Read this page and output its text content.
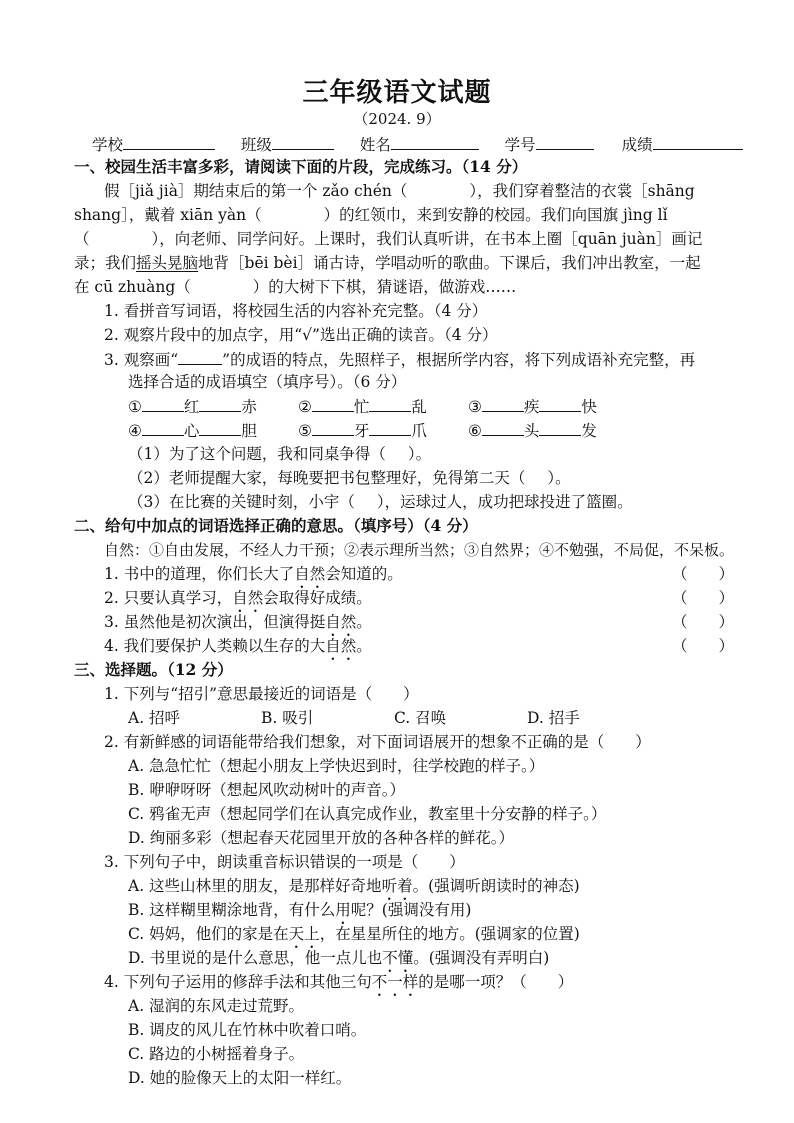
三年级语文试题
（2024. 9）
学校	班级	姓名	学号	成绩
一、校园生活丰富多彩，请阅读下面的片段，完成练习。（14 分）
假［jiǎ jià］期结束后的第一个 zǎo chén（	），我们穿着整洁的衣裳［shāng
shang］，戴着 xiān yàn（	）的红领巾，来到安静的校园。我们向国旗 jìng lǐ
（	），向老师、同学问好。上课时，我们认真听讲，在书本上圈［quān juàn］画记
录；我们摇头晃脑地背［bēi bèi］诵古诗，学唱动听的歌曲。下课后，我们冲出教室，一起
在 cū zhuàng（	）的大树下下棋，猜谜语，做游戏……
1. 看拼音写词语，将校园生活的内容补充完整。（4 分）
2. 观察片段中的加点字，用“√”选出正确的读音。（4 分）
3. 观察画“	”的成语的特点，先照样子，根据所学内容，将下列成语补充完整，再
选择合适的成语填空（填序号）。（6 分）
①	红	赤	②	忙	乱	③	疾	快
④	心	胆	⑤	牙	爪	⑥	头	发
（1）为了这个问题，我和同桌争得（ ）。
（2）老师提醒大家，每晚要把书包整理好，免得第二天（ ）。
（3）在比赛的关键时刻，小宇（ ），运球过人，成功把球投进了篮圈。
二、给句中加点的词语选择正确的意思。（填序号）（4 分）
自然：①自由发展，不经人力干预；②表示理所当然；③自然界；④不勉强，不局促，不呆板。
1. 书中的道理，你们长大了自然会知道的。	（　　）
2. 只要认真学习，自然会取得好成绩。	（　　）
3. 虽然他是初次演出，但演得挺自然。	（　　）
4. 我们要保护人类赖以生存的大自然。	（　　）
三、选择题。（12 分）
1. 下列与“招引”意思最接近的词语是（　　）
A. 招呼	B. 吸引	C. 召唤	D. 招手
2. 有新鲜感的词语能带给我们想象，对下面词语展开的想象不正确的是（　　）
A. 急急忙忙（想起小朋友上学快迟到时，往学校跑的样子。）
B. 咿咿呀呀（想起风吹动树叶的声音。）
C. 鸦雀无声（想起同学们在认真完成作业，教室里十分安静的样子。）
D. 绚丽多彩（想起春天花园里开放的各种各样的鲜花。）
3. 下列句子中，朗读重音标识错误的一项是（　　）
A. 这些山林里的朋友，是那样好奇地听着。(强调听朗读时的神态)
B. 这样糊里糊涂地背，有什么用呢？(强调没有用)
C. 妈妈，他们的家是在天上，在星星所住的地方。(强调家的位置)
D. 书里说的是什么意思，他一点儿也不懂。(强调没有弄明白)
4. 下列句子运用的修辞手法和其他三句不一样的是哪一项？（　　）
A. 湿润的东风走过荒野。
B. 调皮的风儿在竹林中吹着口哨。
C. 路边的小树摇着身子。
D. 她的脸像天上的太阳一样红。
